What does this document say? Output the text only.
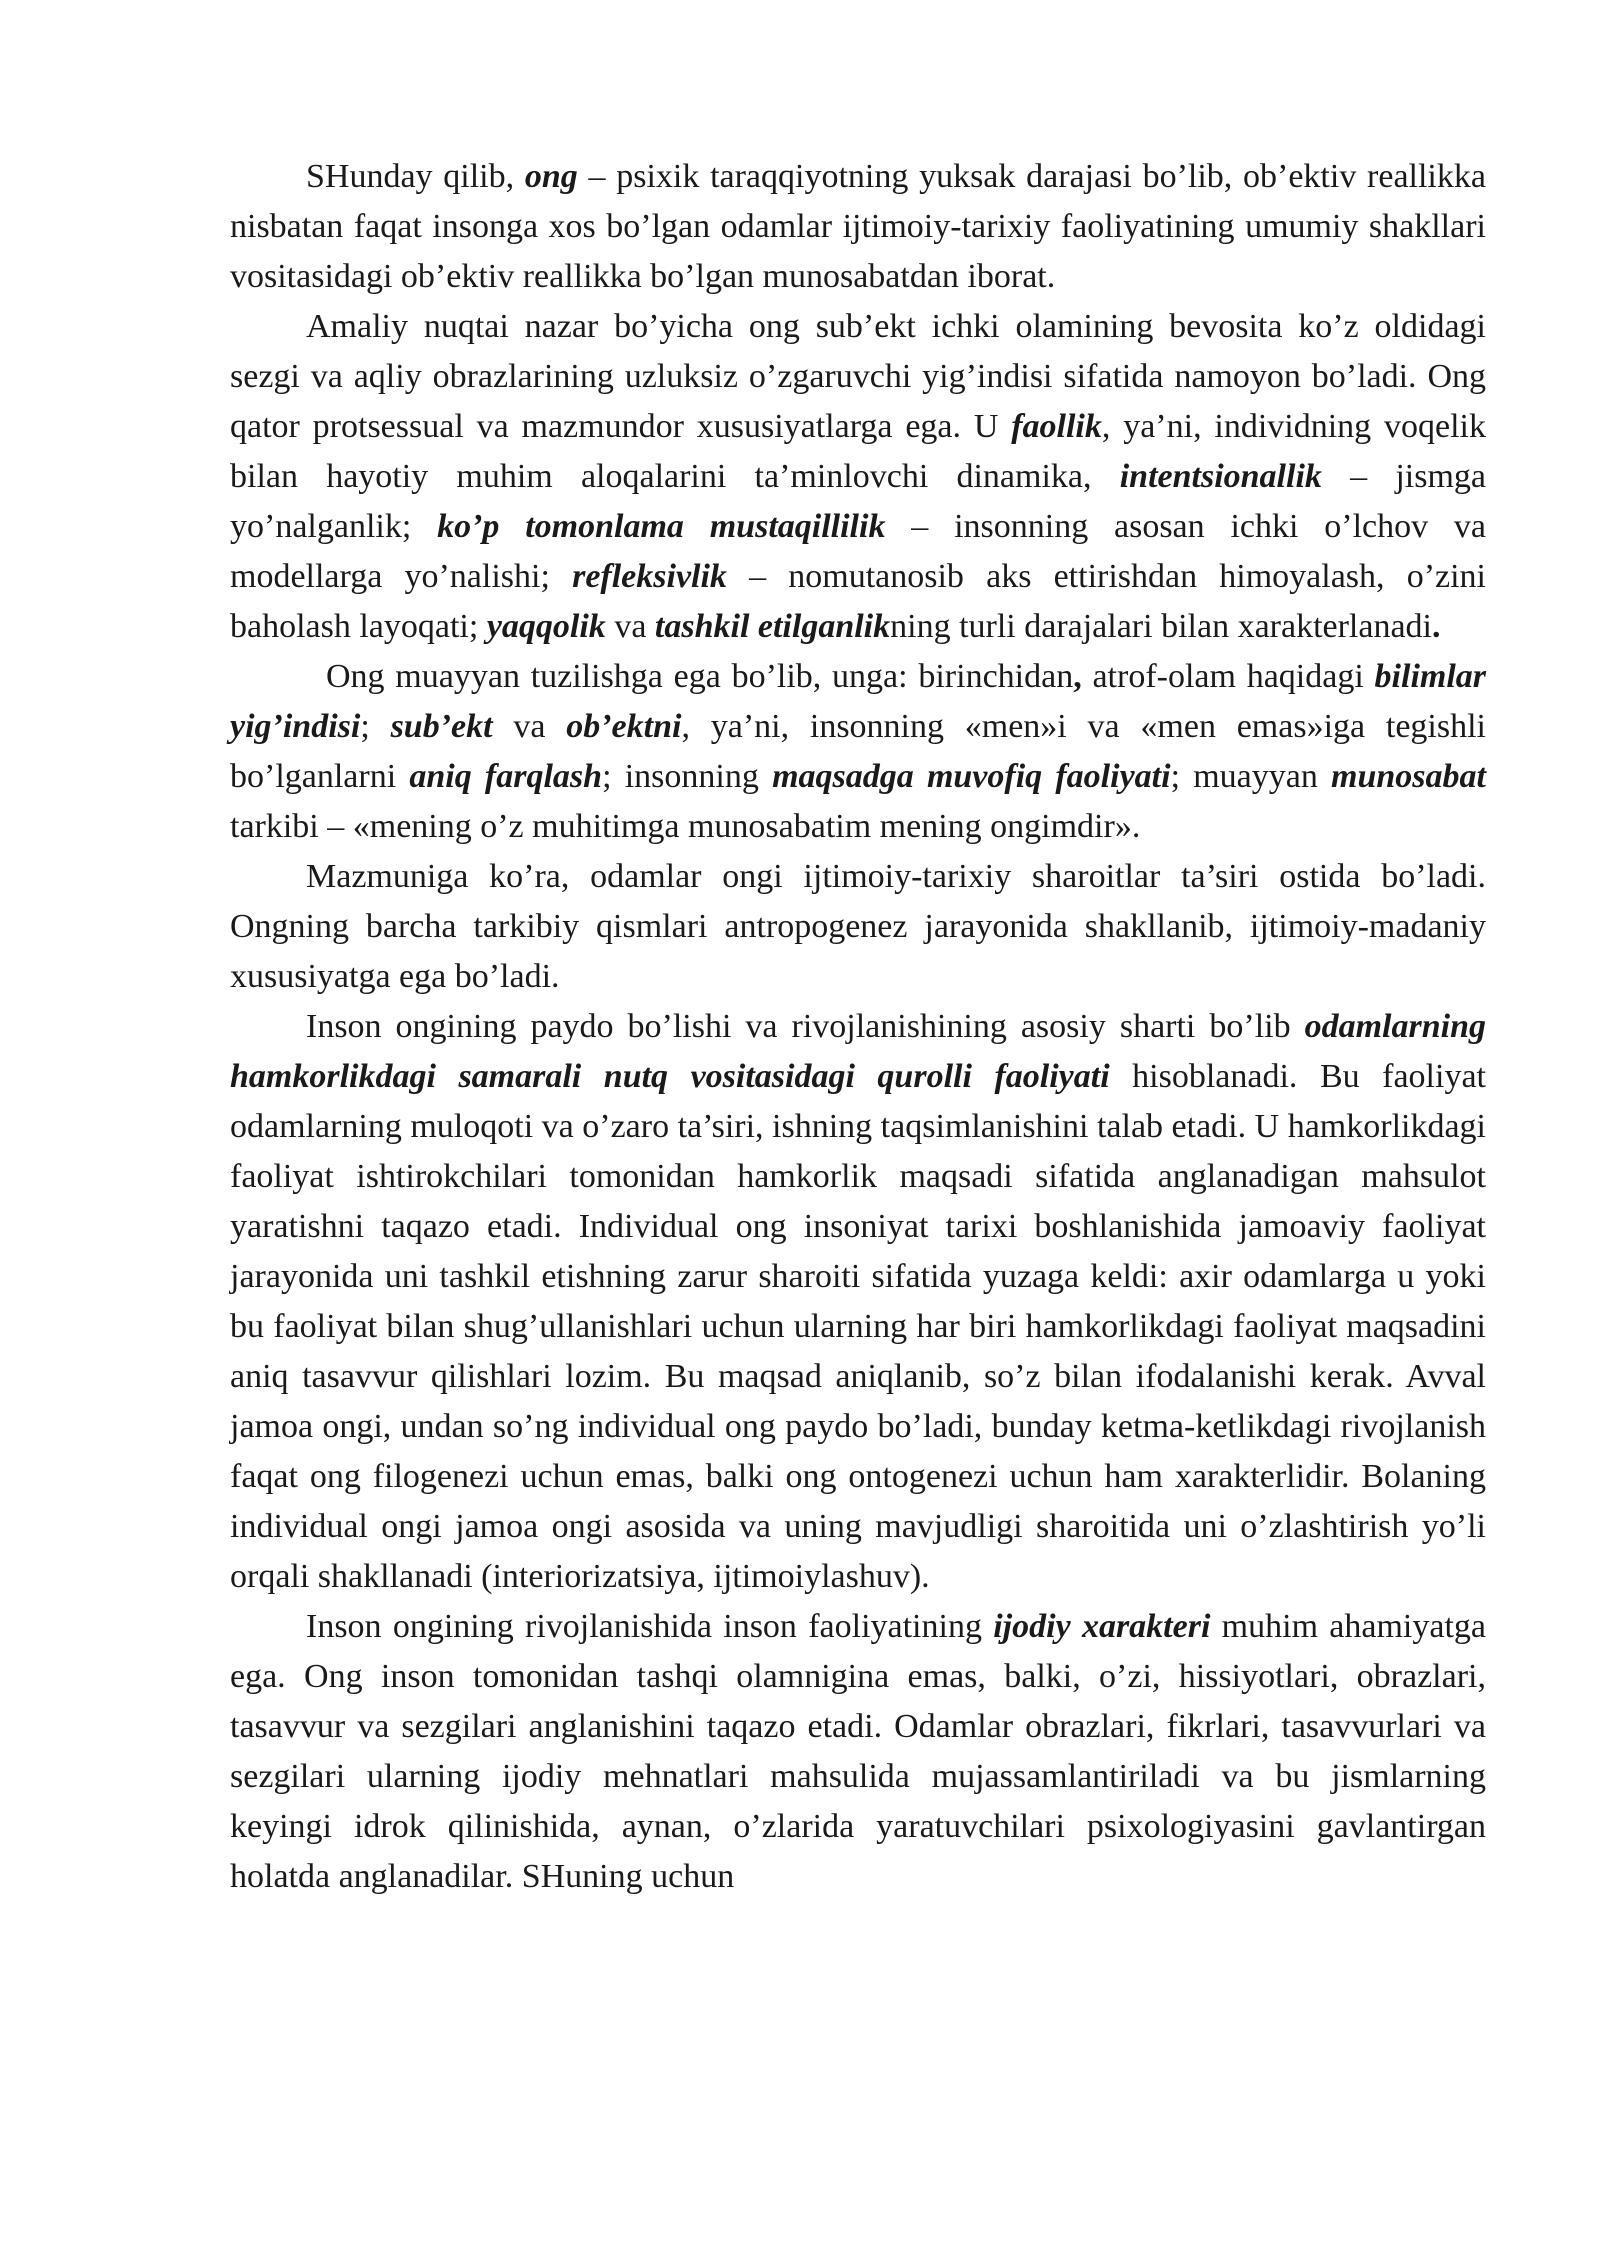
SHunday qilib, ong – psixik taraqqiyotning yuksak darajasi bo’lib, ob’ektiv reallikka nisbatan faqat insonga xos bo’lgan odamlar ijtimoiy-tarixiy faoliyatining umumiy shakllari vositasidagi ob’ektiv reallikka bo’lgan munosabatdan iborat.

Amaliy nuqtai nazar bo’yicha ong sub’ekt ichki olamining bevosita ko’z oldidagi sezgi va aqliy obrazlarining uzluksiz o’zgaruvchi yig’indisi sifatida namoyon bo’ladi. Ong qator protsessual va mazmundor xususiyatlarga ega. U faollik, ya’ni, individning voqelik bilan hayotiy muhim aloqalarini ta’minlovchi dinamika, intentsionallik – jismga yo’nalganlik; ko’p tomonlama mustaqillilik – insonning asosan ichki o’lchov va modellarga yo’nalishi; refleksivlik – nomutanosib aks ettirishdan himoyalash, o’zini baholash layoqati; yaqqolik va tashkil etilganlikning turli darajalari bilan xarakterlanadi.

Ong muayyan tuzilishga ega bo’lib, unga: birinchidan, atrof-olam haqidagi bilimlar yig’indisi; sub’ekt va ob’ektni, ya’ni, insonning «men»i va «men emas»iga tegishli bo’lganlarni aniq farqlash; insonning maqsadga muvofiq faoliyati; muayyan munosabat tarkibi – «mening o’z muhitimga munosabatim mening ongimdir».

Mazmuniga ko’ra, odamlar ongi ijtimoiy-tarixiy sharoitlar ta’siri ostida bo’ladi. Ongning barcha tarkibiy qismlari antropogenez jarayonida shakllanib, ijtimoiy-madaniy xususiyatga ega bo’ladi.

Inson ongining paydo bo’lishi va rivojlanishining asosiy sharti bo’lib odamlarning hamkorlikdagi samarali nutq vositasidagi qurolli faoliyati hisoblanadi. Bu faoliyat odamlarning muloqoti va o’zaro ta’siri, ishning taqsimlanishini talab etadi. U hamkorlikdagi faoliyat ishtirokchilari tomonidan hamkorlik maqsadi sifatida anglanadigan mahsulot yaratishni taqazo etadi. Individual ong insoniyat tarixi boshlanishida jamoaviy faoliyat jarayonida uni tashkil etishning zarur sharoiti sifatida yuzaga keldi: axir odamlarga u yoki bu faoliyat bilan shug’ullanishlari uchun ularning har biri hamkorlikdagi faoliyat maqsadini aniq tasavvur qilishlari lozim. Bu maqsad aniqlanib, so’z bilan ifodalanishi kerak. Avval jamoa ongi, undan so’ng individual ong paydo bo’ladi, bunday ketma-ketlikdagi rivojlanish faqat ong filogenezi uchun emas, balki ong ontogenezi uchun ham xarakterlidir. Bolaning individual ongi jamoa ongi asosida va uning mavjudligi sharoitida uni o’zlashtirish yo’li orqali shakllanadi (interiorizatsiya, ijtimoiylashuv).

Inson ongining rivojlanishida inson faoliyatining ijodiy xarakteri muhim ahamiyatga ega. Ong inson tomonidan tashqi olamnigina emas, balki, o’zi, hissiyotlari, obrazlari, tasavvur va sezgilari anglanishini taqazo etadi. Odamlar obrazlari, fikrlari, tasavvurlari va sezgilari ularning ijodiy mehnatlari mahsulida mujassamlantiriladi va bu jismlarning keyingi idrok qilinishida, aynan, o’zlarida yaratuvchilari psixologiyasini gavlantirgan holatda anglanadilar. SHuning uchun
